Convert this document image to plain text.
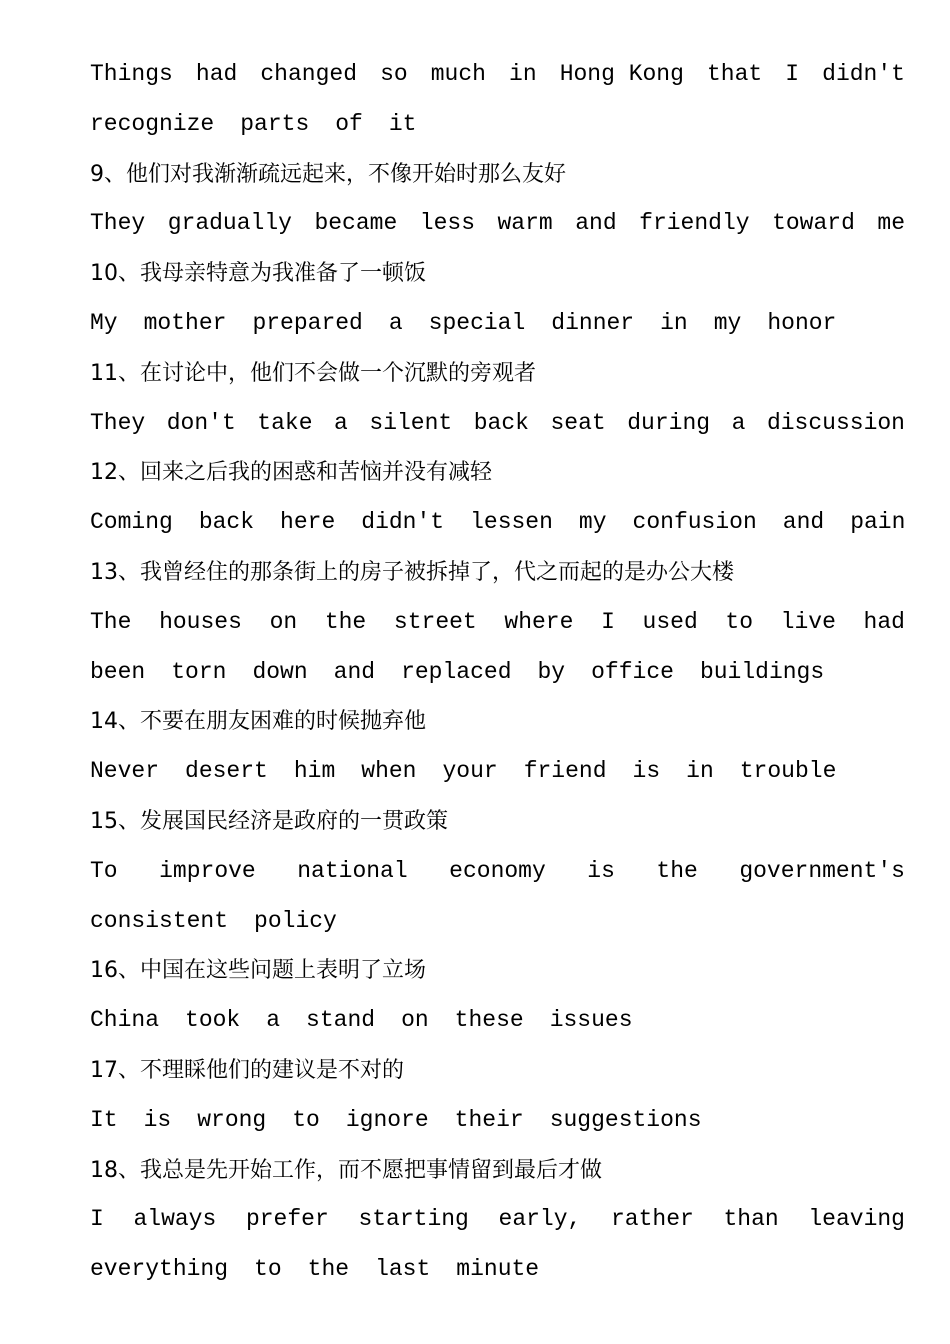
Things had changed so much in Hong Kong that I didn't
recognize parts of it
9、他们对我渐渐疏远起来，不像开始时那么友好
They gradually became less warm and friendly toward me
10、我母亲特意为我准备了一顿饭
My mother prepared a special dinner in my honor
11、在讨论中，他们不会做一个沉默的旁观者
They don't take a silent back seat during a discussion
12、回来之后我的困惑和苦恼并没有减轻
Coming back here didn't lessen my confusion and pain
13、我曾经住的那条街上的房子被拆掉了，代之而起的是办公大楼
The houses on the street where I used to live had
been torn down and replaced by office buildings
14、不要在朋友困难的时候抛弃他
Never desert him when your friend is in trouble
15、发展国民经济是政府的一贯政策
To improve national economy is the government's
consistent policy
16、中国在这些问题上表明了立场
China took a stand on these issues
17、不理睬他们的建议是不对的
It is wrong to ignore their suggestions
18、我总是先开始工作，而不愿把事情留到最后才做
I always prefer starting early, rather than leaving
everything to the last minute
